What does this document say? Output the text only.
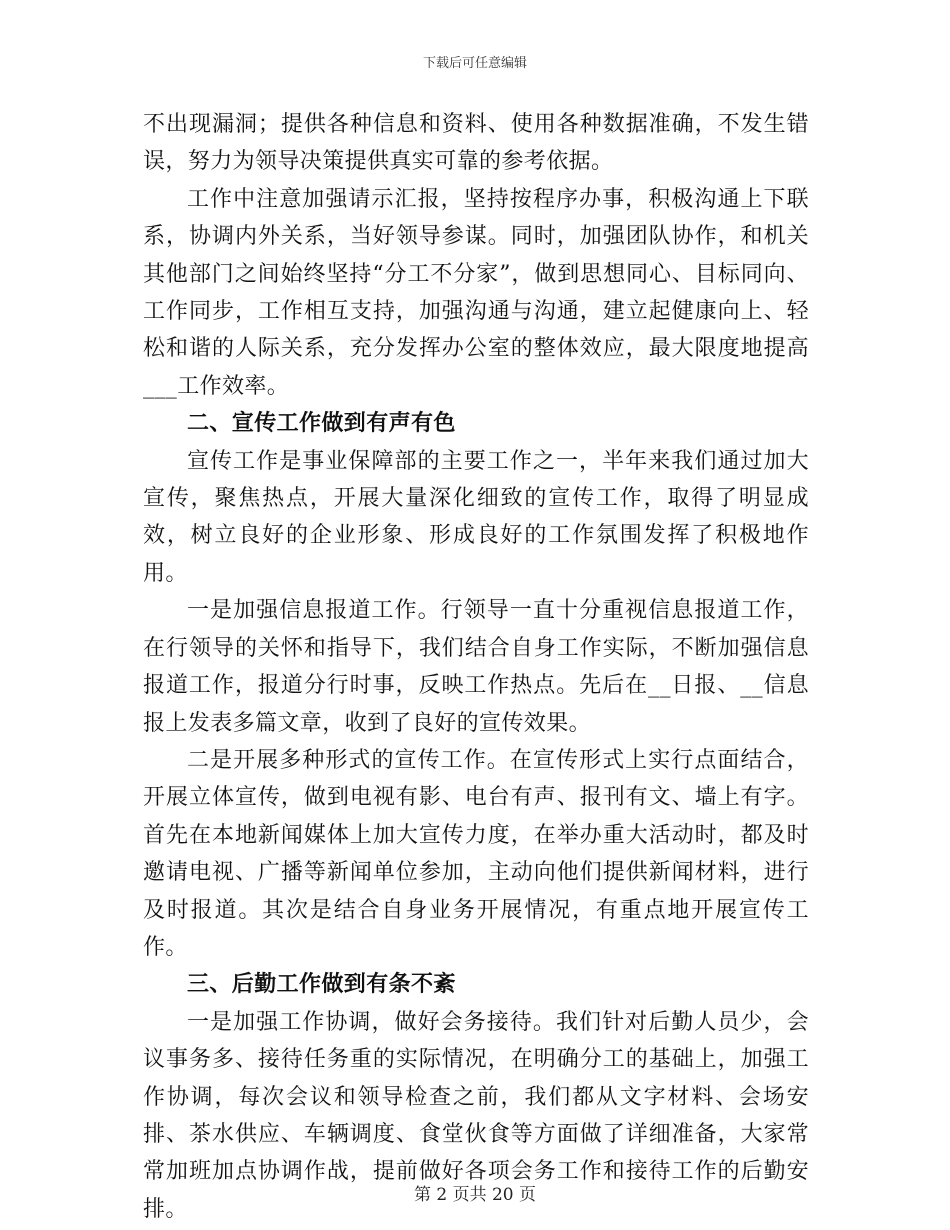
下载后可任意编辑

不出现漏洞；提供各种信息和资料、使用各种数据准确，不发生错误，努力为领导决策提供真实可靠的参考依据。

工作中注意加强请示汇报，坚持按程序办事，积极沟通上下联系，协调内外关系，当好领导参谋。同时，加强团队协作，和机关其他部门之间始终坚持“分工不分家”，做到思想同心、目标同向、工作同步，工作相互支持，加强沟通与沟通，建立起健康向上、轻松和谐的人际关系，充分发挥办公室的整体效应，最大限度地提高___工作效率。

二、宣传工作做到有声有色

宣传工作是事业保障部的主要工作之一，半年来我们通过加大宣传，聚焦热点，开展大量深化细致的宣传工作，取得了明显成效，树立良好的企业形象、形成良好的工作氛围发挥了积极地作用。

一是加强信息报道工作。行领导一直十分重视信息报道工作，在行领导的关怀和指导下，我们结合自身工作实际，不断加强信息报道工作，报道分行时事，反映工作热点。先后在__日报、__信息报上发表多篇文章，收到了良好的宣传效果。

二是开展多种形式的宣传工作。在宣传形式上实行点面结合，开展立体宣传，做到电视有影、电台有声、报刊有文、墙上有字。首先在本地新闻媒体上加大宣传力度，在举办重大活动时，都及时邀请电视、广播等新闻单位参加，主动向他们提供新闻材料，进行及时报道。其次是结合自身业务开展情况，有重点地开展宣传工作。

三、后勤工作做到有条不紊

一是加强工作协调，做好会务接待。我们针对后勤人员少，会议事务多、接待任务重的实际情况，在明确分工的基础上，加强工作协调，每次会议和领导检查之前，我们都从文字材料、会场安排、茶水供应、车辆调度、食堂伙食等方面做了详细准备，大家常常加班加点协调作战，提前做好各项会务工作和接待工作的后勤安排。

第 2 页共 20 页
